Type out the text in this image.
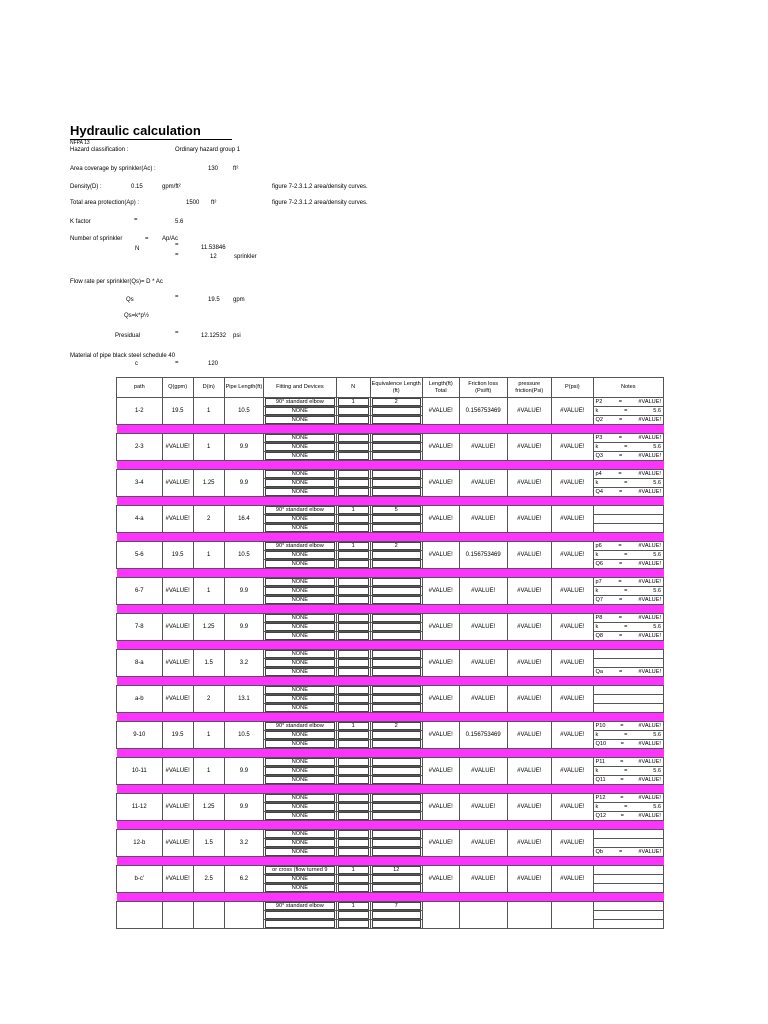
Hydraulic calculation
NFPA 13
Hazard classification :	Ordinary hazard group 1
Area coverage by sprinkler(Ac) :	130 ft²
Density(D) :	0.15	gpm/ft²	figure 7-2.3.1.2 area/density curves.
Total area protection(Ap) :	1500 ft²	figure 7-2.3.1.2 area/density curves.
K factor	=	5.6
Number of sprinkler	= Ap/Ac
N
=	11.53846
=	12	sprinkler
Flow rate per sprinkler(Qs)= D * Ac
Qs	=	19.5 gpm
Qs=k*p½
Presidual	=	12.12532 psi
Material of pipe black steel schedule 40
c	=	120
path	Q(gpm)	D(in)	Pipe Length(ft)	Fitting and Devices	N	Equivalence Length (ft)	Length(ft) Total	Friction loss (Psi/ft)	pressure friction(Psi)	P(psi)	Notes
1-2	19.5	1	10.5	90° standard elbow	1	2	#VALUE!	0.156753469	#VALUE!	#VALUE!	P2 = #VALUE!

				NONE							k = 5.6

				NONE							Q2 = #VALUE!

2-3	#VALUE!	1	9.9	NONE			#VALUE!	#VALUE!	#VALUE!	#VALUE!	P3 = #VALUE!

				NONE							k = 5.6

				NONE							Q3 = #VALUE!

3-4	#VALUE!	1.25	9.9	NONE			#VALUE!	#VALUE!	#VALUE!	#VALUE!	p4 = #VALUE!

				NONE							k = 5.6

				NONE							Q4 = #VALUE!

4-a	#VALUE!	2	16.4	90° standard elbow	1	5	#VALUE!	#VALUE!	#VALUE!	#VALUE!	

				NONE							

				NONE							

5-6	19.5	1	10.5	90° standard elbow	1	2	#VALUE!	0.156753469	#VALUE!	#VALUE!	p6 = #VALUE!

				NONE							k = 5.6

				NONE							Q6 = #VALUE!

6-7	#VALUE!	1	9.9	NONE			#VALUE!	#VALUE!	#VALUE!	#VALUE!	p7 = #VALUE!

				NONE							k = 5.6

				NONE							Q7 = #VALUE!

7-8	#VALUE!	1.25	9.9	NONE			#VALUE!	#VALUE!	#VALUE!	#VALUE!	P8 = #VALUE!

				NONE							k = 5.6

				NONE							Q8 = #VALUE!

8-a	#VALUE!	1.5	3.2	NONE			#VALUE!	#VALUE!	#VALUE!	#VALUE!	

				NONE							

				NONE							Qa = #VALUE!

a-b	#VALUE!	2	13.1	NONE			#VALUE!	#VALUE!	#VALUE!	#VALUE!	

				NONE							

				NONE							

9-10	19.5	1	10.5	90° standard elbow	1	2	#VALUE!	0.156753469	#VALUE!	#VALUE!	P10 = #VALUE!

				NONE							k = 5.6

				NONE							Q10 = #VALUE!

10-11	#VALUE!	1	9.9	NONE			#VALUE!	#VALUE!	#VALUE!	#VALUE!	P11 = #VALUE!

				NONE							k = 5.6

				NONE							Q11 = #VALUE!

11-12	#VALUE!	1.25	9.9	NONE			#VALUE!	#VALUE!	#VALUE!	#VALUE!	P12 = #VALUE!

				NONE							k = 5.6

				NONE							Q12 = #VALUE!

12-b	#VALUE!	1.5	3.2	NONE			#VALUE!	#VALUE!	#VALUE!	#VALUE!	

				NONE							

				NONE							Qb = #VALUE!

b-c'	#VALUE!	2.5	6.2	or cross (flow turned 9	1	12	#VALUE!	#VALUE!	#VALUE!	#VALUE!	

				NONE							

				NONE							

				90° standard elbow	1	7					
